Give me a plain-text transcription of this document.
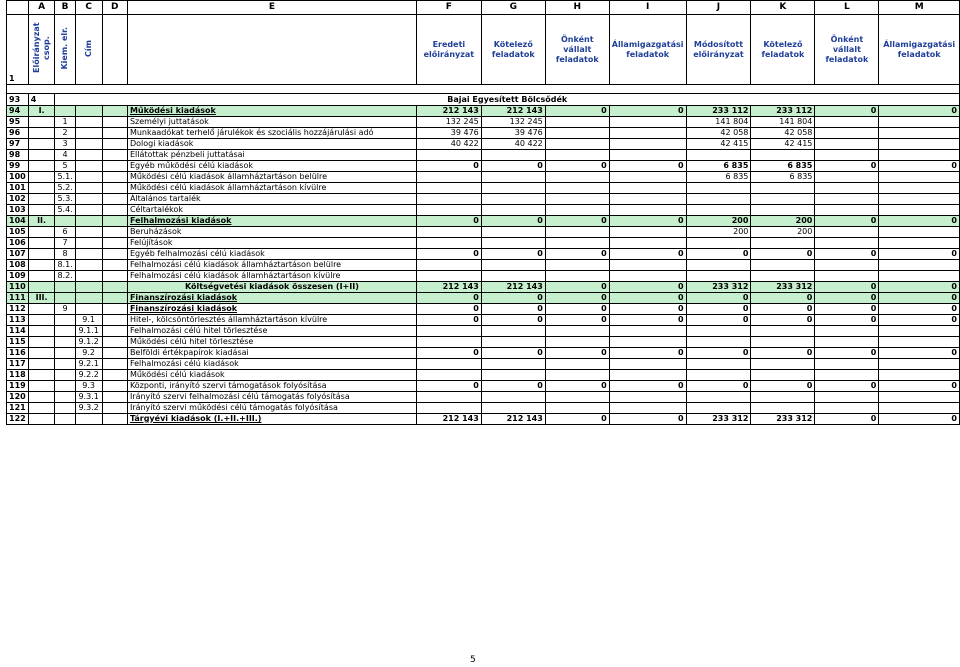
	A	B	C	D	E	F	G	H	I	J	K	L	M
1	Előirányzat csop.	Kiem. elr.	Cím			Eredeti előirányzat	Kötelező feladatok	Önként vállalt feladatok	Államigazgatási feladatok	Módosított előirányzat	Kötelező feladatok	Önként vállalt feladatok	Államigazgatási feladatok

93	4	Bajai Egyesített Bölcsődék											
94	I.				Működési kiadások	212 143	212 143	0	0	233 112	233 112	0	0
95		1			Személyi juttatások	132 245	132 245			141 804	141 804		
96		2			Munkaadókat terhelő járulékok és szociális hozzájárulási adó	39 476	39 476			42 058	42 058		
97		3			Dologi kiadások	40 422	40 422			42 415	42 415		
98		4			Ellátottak pénzbeli juttatásai								
99		5			Egyéb működési célú kiadások	0	0	0	0	6 835	6 835	0	0
100		5.1.			Működési célú kiadások államháztartáson belülre					6 835	6 835		
101		5.2.			Működési célú kiadások államháztartáson kívülre								
102		5.3.			Általános tartalék								
103		5.4.			Céltartalékok								
104	II.				Felhalmozási kiadások	0	0	0	0	200	200	0	0
105		6			Beruházások					200	200		
106		7			Felújítások								
107		8			Egyéb felhalmozási célú kiadások	0	0	0	0	0	0	0	0
108		8.1.			Felhalmozási célú kiadások államháztartáson belülre								
109		8.2.			Felhalmozási célú kiadások államháztartáson kívülre								
110					Költségvetési kiadások összesen (I+II)	212 143	212 143	0	0	233 312	233 312	0	0
111	III.				Finanszírozási kiadások	0	0	0	0	0	0	0	0
112		9			Finanszírozási kiadások	0	0	0	0	0	0	0	0
113			9.1		Hitel-, kölcsöntörlesztés államháztartáson kívülre	0	0	0	0	0	0	0	0
114			9.1.1		Felhalmozási célú hitel törlesztése								
115			9.1.2		Működési célú hitel törlesztése								
116			9.2		Belföldi értékpapírok kiadásai	0	0	0	0	0	0	0	0
117			9.2.1		Felhalmozási célú kiadások								
118			9.2.2		Működési célú kiadások								
119			9.3		Központi, irányító szervi támogatások folyósítása	0	0	0	0	0	0	0	0
120			9.3.1		Irányító szervi felhalmozási célú támogatás folyósítása								
121			9.3.2		Irányító szervi működési célú támogatás folyósítása								
122					Tárgyévi kiadások (I.+II.+III.)	212 143	212 143	0	0	233 312	233 312	0	0
5
